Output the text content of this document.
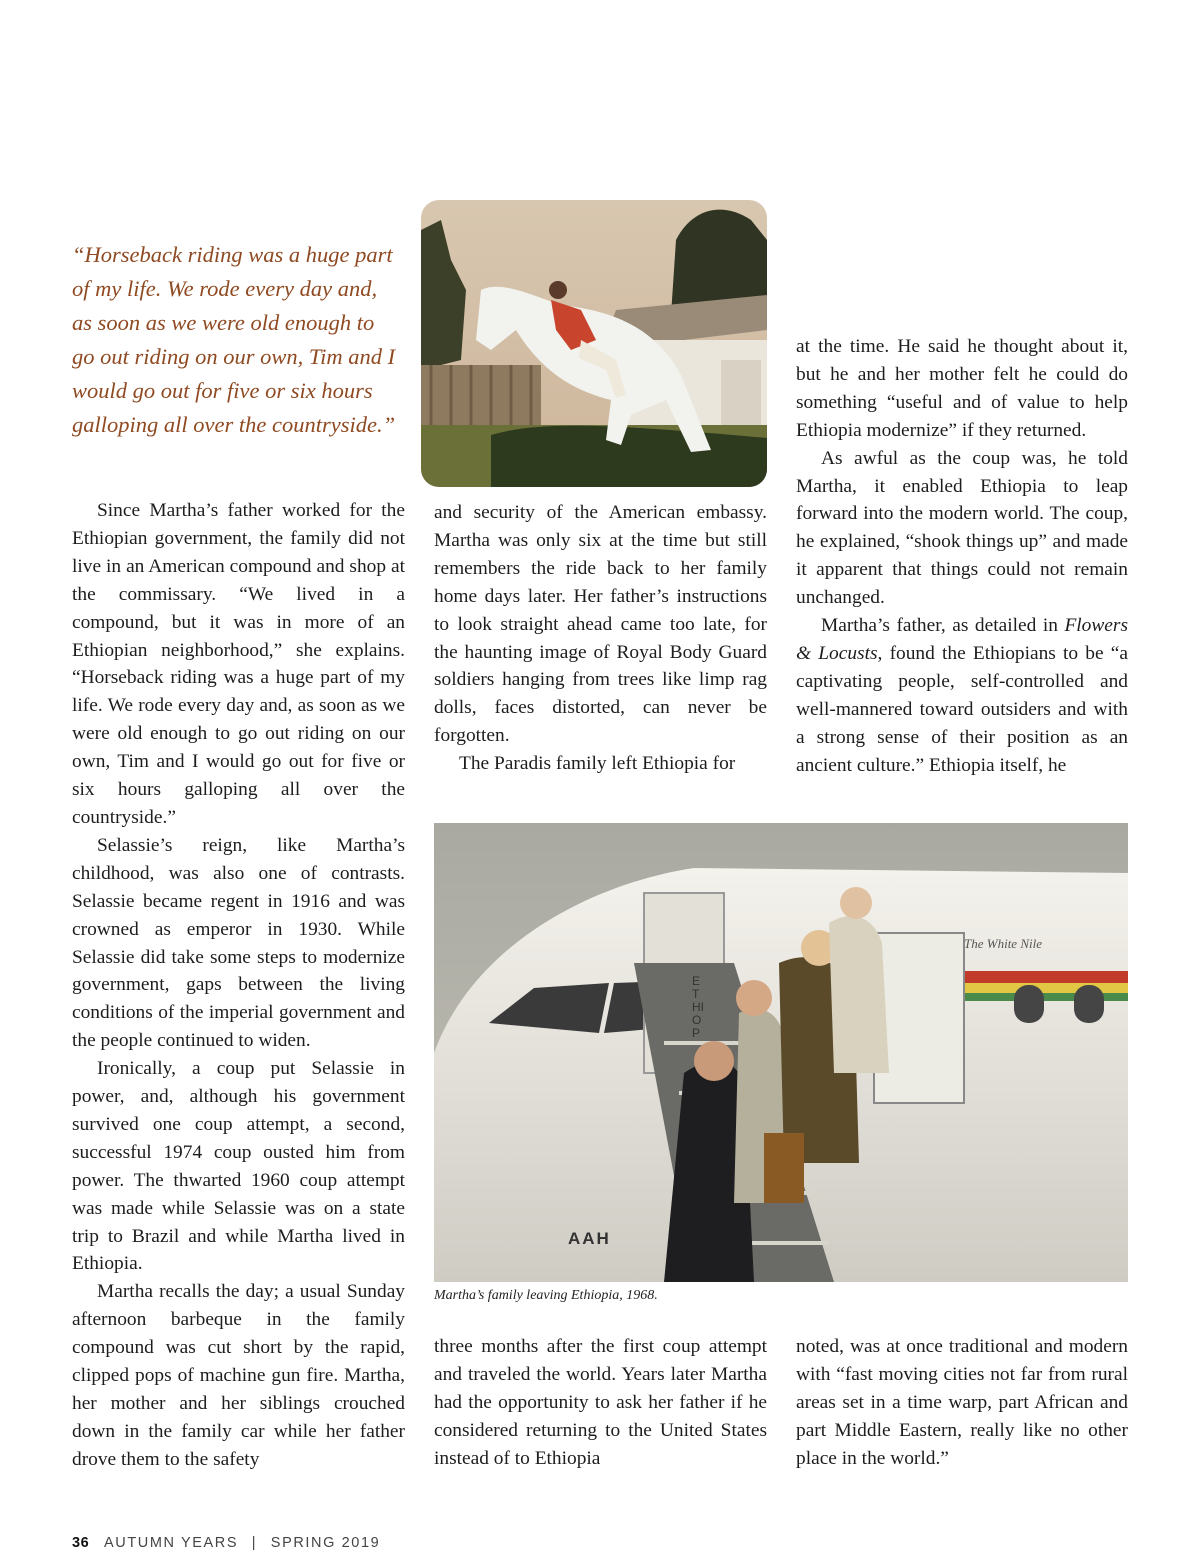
“Horseback riding was a huge part of my life. We rode every day and, as soon as we were old enough to go out riding on our own, Tim and I would go out for five or six hours galloping all over the countryside.”

Since Martha’s father worked for the Ethiopian government, the family did not live in an American compound and shop at the commissary. “We lived in a compound, but it was in more of an Ethiopian neighborhood,” she explains. “Horseback riding was a huge part of my life. We rode every day and, as soon as we were old enough to go out riding on our own, Tim and I would go out for five or six hours galloping all over the countryside.”

Selassie’s reign, like Martha’s childhood, was also one of contrasts. Selassie became regent in 1916 and was crowned as emperor in 1930. While Selassie did take some steps to modernize government, gaps between the living conditions of the imperial government and the people continued to widen.

Ironically, a coup put Selassie in power, and, although his government survived one coup attempt, a second, successful 1974 coup ousted him from power. The thwarted 1960 coup attempt was made while Selassie was on a state trip to Brazil and while Martha lived in Ethiopia.

Martha recalls the day; a usual Sunday afternoon barbeque in the family compound was cut short by the rapid, clipped pops of machine gun fire. Martha, her mother and her siblings crouched down in the family car while her father drove them to the safety

and security of the American embassy. Martha was only six at the time but still remembers the ride back to her family home days later. Her father’s instructions to look straight ahead came too late, for the haunting image of Royal Body Guard soldiers hanging from trees like limp rag dolls, faces distorted, can never be forgotten.

The Paradis family left Ethiopia for

at the time. He said he thought about it, but he and her mother felt he could do something “useful and of value to help Ethiopia modernize” if they returned.

As awful as the coup was, he told Martha, it enabled Ethiopia to leap forward into the modern world. The coup, he explained, “shook things up” and made it apparent that things could not remain unchanged.

Martha’s father, as detailed in Flowers & Locusts, found the Ethiopians to be “a captivating people, self-controlled and well-mannered toward outsiders and with a strong sense of their position as an ancient culture.” Ethiopia itself, he

The White Nile
AAH
ETHIOP

Martha’s family leaving Ethiopia, 1968.

three months after the first coup attempt and traveled the world. Years later Martha had the opportunity to ask her father if he considered returning to the United States instead of to Ethiopia

noted, was at once traditional and modern with “fast moving cities not far from rural areas set in a time warp, part African and part Middle Eastern, really like no other place in the world.”

36 AUTUMN YEARS | SPRING 2019
